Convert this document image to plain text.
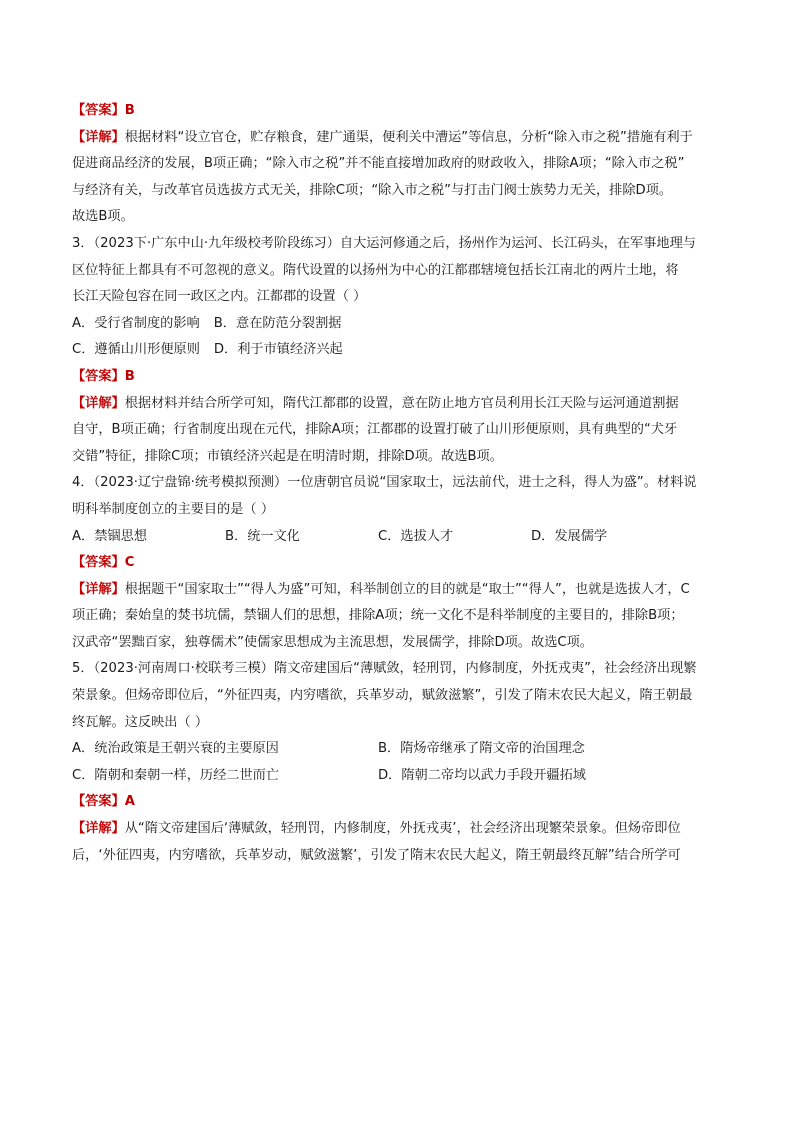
【答案】B
【详解】根据材料“设立官仓，贮存粮食，建广通渠，便利关中漕运”等信息，分析“除入市之税”措施有利于
促进商品经济的发展，B项正确；“除入市之税”并不能直接增加政府的财政收入，排除A项；“除入市之税”
与经济有关，与改革官员选拔方式无关，排除C项；“除入市之税”与打击门阀士族势力无关，排除D项。
故选B项。
3．（2023下·广东中山·九年级校考阶段练习）自大运河修通之后，扬州作为运河、长江码头，在军事地理与
区位特征上都具有不可忽视的意义。隋代设置的以扬州为中心的江都郡辖境包括长江南北的两片土地，将
长江天险包容在同一政区之内。江都郡的设置（ ）
A．受行省制度的影响 B．意在防范分裂割据
C．遵循山川形便原则 D．利于市镇经济兴起
【答案】B
【详解】根据材料并结合所学可知，隋代江都郡的设置，意在防止地方官员利用长江天险与运河通道割据
自守，B项正确；行省制度出现在元代，排除A项；江都郡的设置打破了山川形便原则，具有典型的“犬牙
交错”特征，排除C项；市镇经济兴起是在明清时期，排除D项。故选B项。
4．（2023·辽宁盘锦·统考模拟预测）一位唐朝官员说“国家取士，远法前代，进士之科，得人为盛”。材料说
明科举制度创立的主要目的是（ ）
A．禁锢思想	B．统一文化	C．选拔人才	D．发展儒学
【答案】C
【详解】根据题干“国家取士”“得人为盛”可知，科举制创立的目的就是“取士”“得人”，也就是选拔人才，C
项正确；秦始皇的焚书坑儒，禁锢人们的思想，排除A项；统一文化不是科举制度的主要目的，排除B项；
汉武帝“罢黜百家，独尊儒术”使儒家思想成为主流思想，发展儒学，排除D项。故选C项。
5．（2023·河南周口·校联考三模）隋文帝建国后“薄赋敛，轻刑罚，内修制度，外抚戎夷”，社会经济出现繁
荣景象。但炀帝即位后，“外征四夷，内穷嗜欲，兵革岁动，赋敛滋繁”，引发了隋末农民大起义，隋王朝最
终瓦解。这反映出（ ）
A．统治政策是王朝兴衰的主要原因	B．隋炀帝继承了隋文帝的治国理念
C．隋朝和秦朝一样，历经二世而亡	D．隋朝二帝均以武力手段开疆拓域
【答案】A
【详解】从“隋文帝建国后‘薄赋敛，轻刑罚，内修制度，外抚戎夷’，社会经济出现繁荣景象。但炀帝即位
后，‘外征四夷，内穷嗜欲，兵革岁动，赋敛滋繁’，引发了隋末农民大起义，隋王朝最终瓦解”结合所学可
